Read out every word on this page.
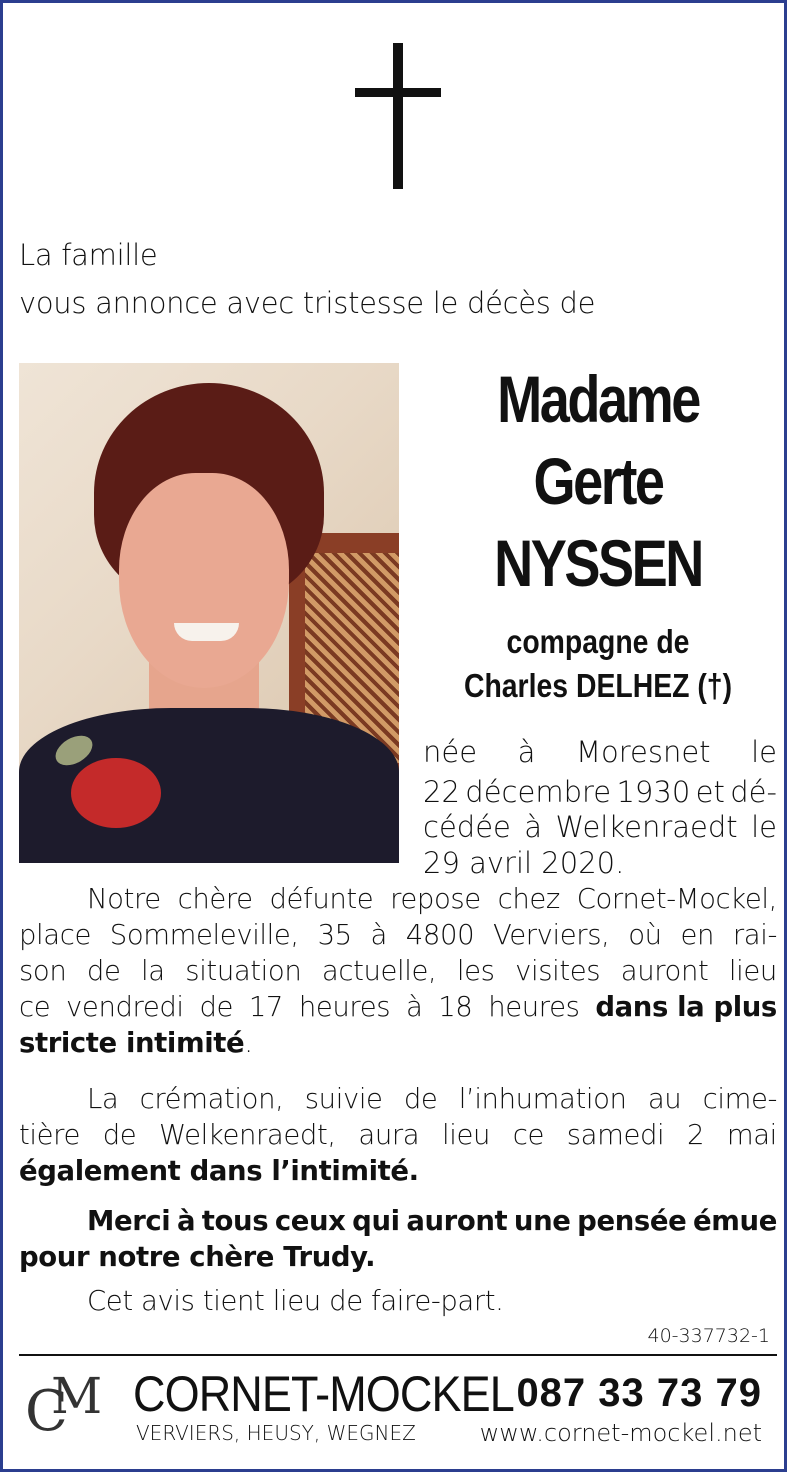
La famille
vous annonce avec tristesse le décès de
Madame
Gerte
NYSSEN
compagne de
Charles DELHEZ (†)
née à Moresnet le
22 décembre 1930 et dé-
cédée à Welkenraedt le
29 avril 2020.
Notre chère défunte repose chez Cornet-Mockel,
place Sommeleville, 35 à 4800 Verviers, où en rai-
son de la situation actuelle, les visites auront lieu
ce vendredi de 17 heures à 18 heures dans la plus
stricte intimité.
La crémation, suivie de l’inhumation au cime-
tière de Welkenraedt, aura lieu ce samedi 2 mai
également dans l’intimité.
Merci à tous ceux qui auront une pensée émue
pour notre chère Trudy.
Cet avis tient lieu de faire-part.
40-337732-1
C
M CORNET-MOCKEL 087 33 73 79
VERVIERS, HEUSY, WEGNEZ	www.cornet-mockel.net
